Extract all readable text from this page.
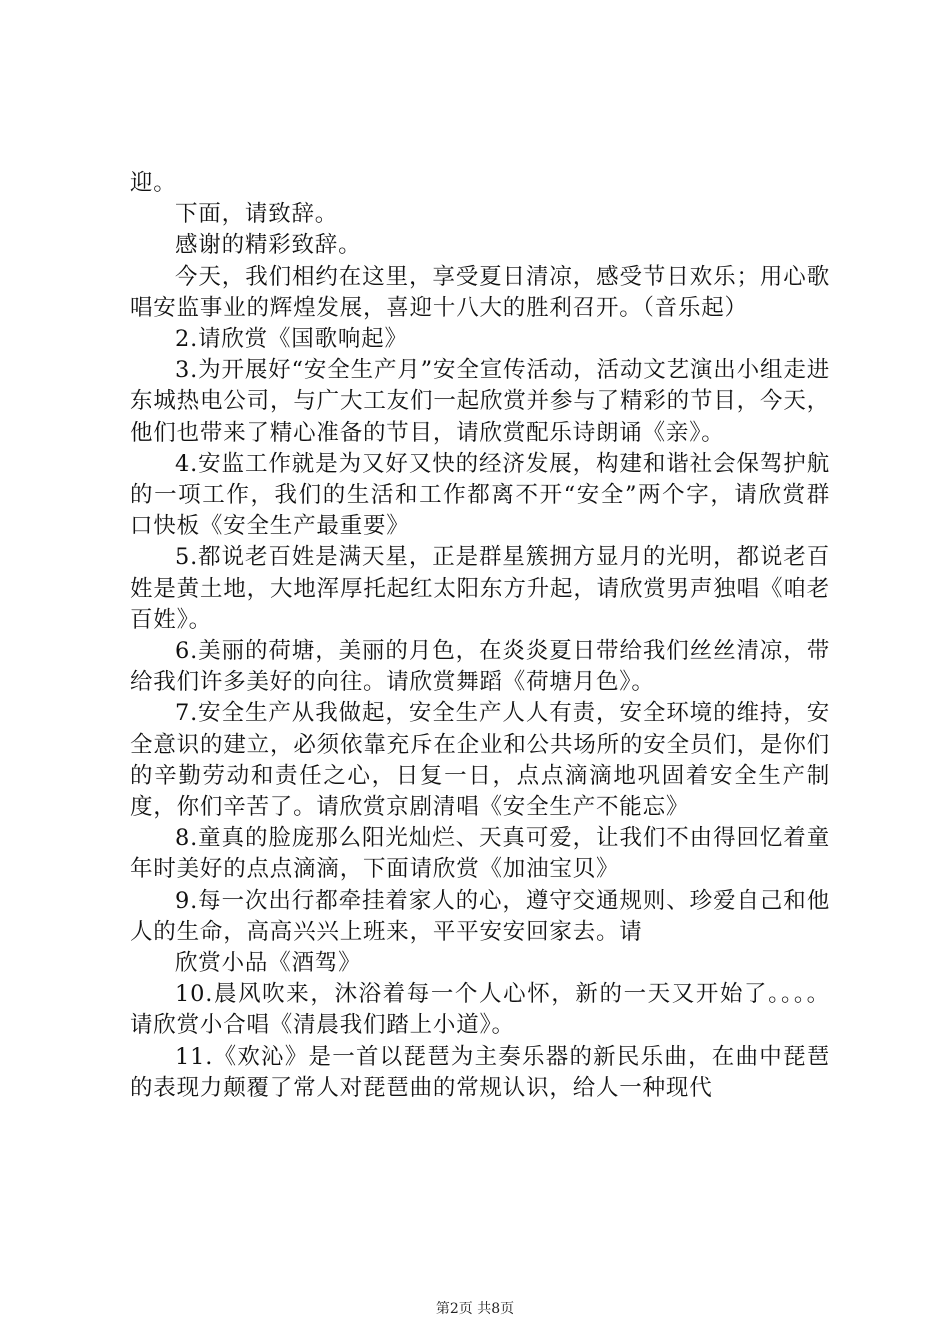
迎。

下面，请致辞。

感谢的精彩致辞。

今天，我们相约在这里，享受夏日清凉，感受节日欢乐；用心歌唱安监事业的辉煌发展，喜迎十八大的胜利召开。（音乐起）

2.请欣赏《国歌响起》

3.为开展好“安全生产月”安全宣传活动，活动文艺演出小组走进东城热电公司，与广大工友们一起欣赏并参与了精彩的节目，今天，他们也带来了精心准备的节目，请欣赏配乐诗朗诵《亲》。

4.安监工作就是为又好又快的经济发展，构建和谐社会保驾护航的一项工作，我们的生活和工作都离不开“安全”两个字，请欣赏群口快板《安全生产最重要》

5.都说老百姓是满天星，正是群星簇拥方显月的光明，都说老百姓是黄土地，大地浑厚托起红太阳东方升起，请欣赏男声独唱《咱老百姓》。

6.美丽的荷塘，美丽的月色，在炎炎夏日带给我们丝丝清凉，带给我们许多美好的向往。请欣赏舞蹈《荷塘月色》。

7.安全生产从我做起，安全生产人人有责，安全环境的维持，安全意识的建立，必须依靠充斥在企业和公共场所的安全员们，是你们的辛勤劳动和责任之心，日复一日，点点滴滴地巩固着安全生产制度，你们辛苦了。请欣赏京剧清唱《安全生产不能忘》

8.童真的脸庞那么阳光灿烂、天真可爱，让我们不由得回忆着童年时美好的点点滴滴，下面请欣赏《加油宝贝》

9.每一次出行都牵挂着家人的心，遵守交通规则、珍爱自己和他人的生命，高高兴兴上班来，平平安安回家去。请

欣赏小品《酒驾》

10.晨风吹来，沐浴着每一个人心怀，新的一天又开始了。。。。请欣赏小合唱《清晨我们踏上小道》。

11.《欢沁》是一首以琵琶为主奏乐器的新民乐曲，在曲中琵琶的表现力颠覆了常人对琵琶曲的常规认识，给人一种现代

第2页 共8页
